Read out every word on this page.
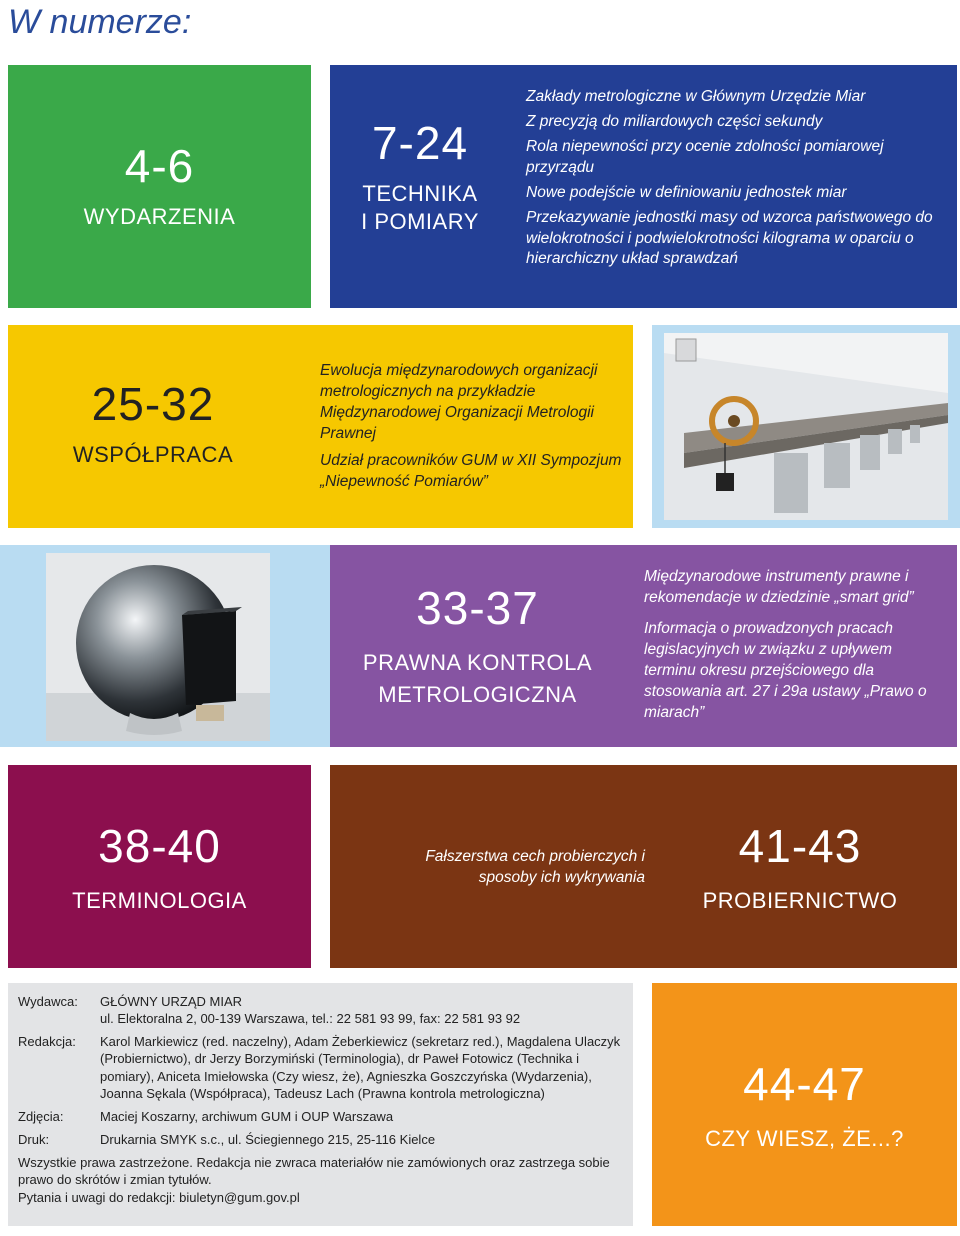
W numerze:
4-6
WYDARZENIA
7-24
TECHNIKA
I POMIARY
Zakłady metrologiczne w Głównym Urzędzie Miar
Z precyzją do miliardowych części sekundy
Rola niepewności przy ocenie zdolności pomiarowej przyrządu
Nowe podejście w definiowaniu jednostek miar
Przekazywanie jednostki masy od wzorca państwowego do wielokrotności i podwielokrotności kilograma w oparciu o hierarchiczny układ sprawdzań
25-32
WSPÓŁPRACA
Ewolucja międzynarodowych organizacji metrologicznych na przykładzie Międzynarodowej Organizacji Metrologii Prawnej
Udział pracowników GUM w XII Sympozjum „Niepewność Pomiarów”
33-37
PRAWNA KONTROLA
METROLOGICZNA
Międzynarodowe instrumenty prawne i rekomendacje w dziedzinie „smart grid”
Informacja o prowadzonych pracach legislacyjnych w związku z upływem terminu okresu przejściowego dla stosowania art. 27 i 29a ustawy „Prawo o miarach”
38-40
TERMINOLOGIA
Fałszerstwa cech probierczych i sposoby ich wykrywania
41-43
PROBIERNICTWO
Wydawca:	GŁÓWNY URZĄD MIAR
ul. Elektoralna 2, 00-139 Warszawa, tel.: 22 581 93 99, fax: 22 581 93 92
Redakcja:	Karol Markiewicz (red. naczelny), Adam Żeberkiewicz (sekretarz red.), Magdalena Ulaczyk (Probiernictwo), dr Jerzy Borzymiński (Terminologia), dr Paweł Fotowicz (Technika i pomiary), Aniceta Imiełowska (Czy wiesz, że), Agnieszka Goszczyńska (Wydarzenia), Joanna Sękala (Współpraca), Tadeusz Lach (Prawna kontrola metrologiczna)
Zdjęcia:	Maciej Koszarny, archiwum GUM i OUP Warszawa
Druk:	Drukarnia SMYK s.c., ul. Ściegiennego 215, 25-116 Kielce
Wszystkie prawa zastrzeżone. Redakcja nie zwraca materiałów nie zamówionych oraz zastrzega sobie prawo do skrótów i zmian tytułów.
Pytania i uwagi do redakcji: biuletyn@gum.gov.pl
44-47
CZY WIESZ, ŻE...?
